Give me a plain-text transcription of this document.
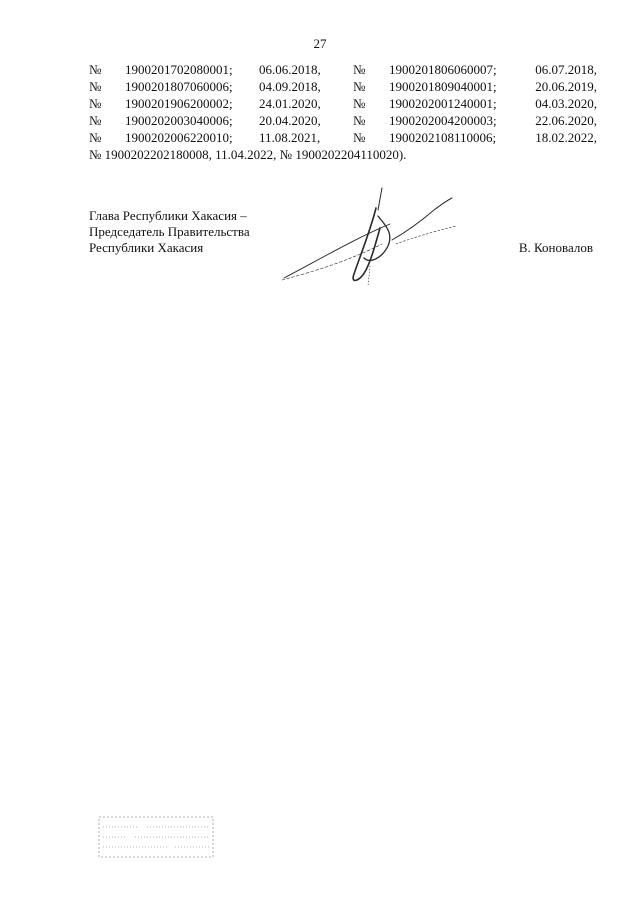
27
№	1900201702080001;	06.06.2018,	№	1900201806060007;	06.07.2018,
№	1900201807060006;	04.09.2018,	№	1900201809040001;	20.06.2019,
№	1900201906200002;	24.01.2020,	№	1900202001240001;	04.03.2020,
№	1900202003040006;	20.04.2020,	№	1900202004200003;	22.06.2020,
№	1900202006220010;	11.08.2021,	№	1900202108110006;	18.02.2022,
№ 1900202202180008, 11.04.2022, № 1900202204110020).
Глава Республики Хакасия –
Председатель Правительства
Республики Хакасия	В. Коновалов
